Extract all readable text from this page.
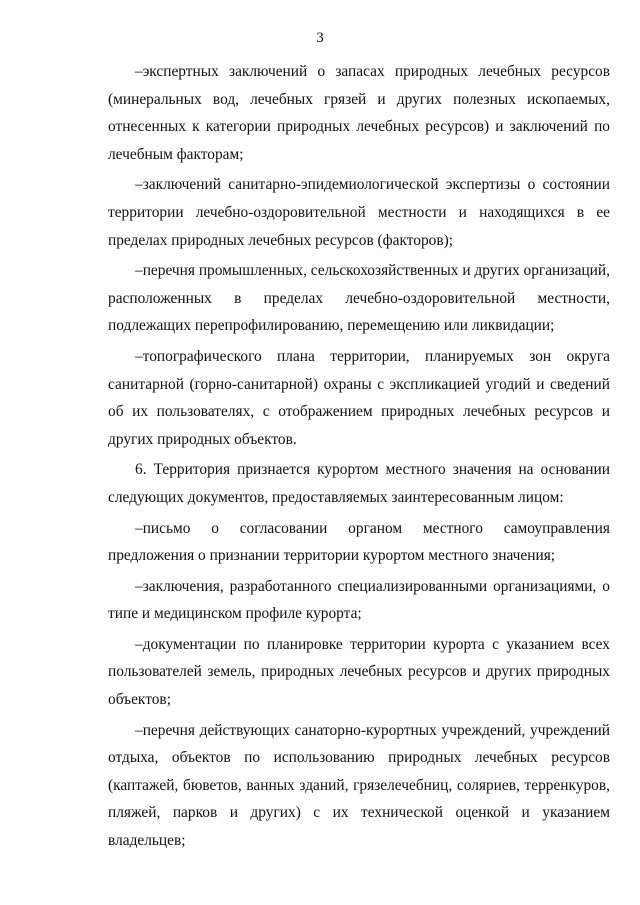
3

–экспертных заключений о запасах природных лечебных ресурсов (минеральных вод, лечебных грязей и других полезных ископаемых, отнесенных к категории природных лечебных ресурсов) и заключений по лечебным факторам;

–заключений санитарно-эпидемиологической экспертизы о состоянии территории лечебно-оздоровительной местности и находящихся в ее пределах природных лечебных ресурсов (факторов);

–перечня промышленных, сельскохозяйственных и других организаций, расположенных в пределах лечебно-оздоровительной местности, подлежащих перепрофилированию, перемещению или ликвидации;

–топографического плана территории, планируемых зон округа санитарной (горно-санитарной) охраны с экспликацией угодий и сведений об их пользователях, с отображением природных лечебных ресурсов и других природных объектов.

6. Территория признается курортом местного значения на основании следующих документов, предоставляемых заинтересованным лицом:

–письмо о согласовании органом местного самоуправления предложения о признании территории курортом местного значения;

–заключения, разработанного специализированными организациями, о типе и медицинском профиле курорта;

–документации по планировке территории курорта с указанием всех пользователей земель, природных лечебных ресурсов и других природных объектов;

–перечня действующих санаторно-курортных учреждений, учреждений отдыха, объектов по использованию природных лечебных ресурсов (каптажей, бюветов, ванных зданий, грязелечебниц, соляриев, терренкуров, пляжей, парков и других) с их технической оценкой и указанием владельцев;
